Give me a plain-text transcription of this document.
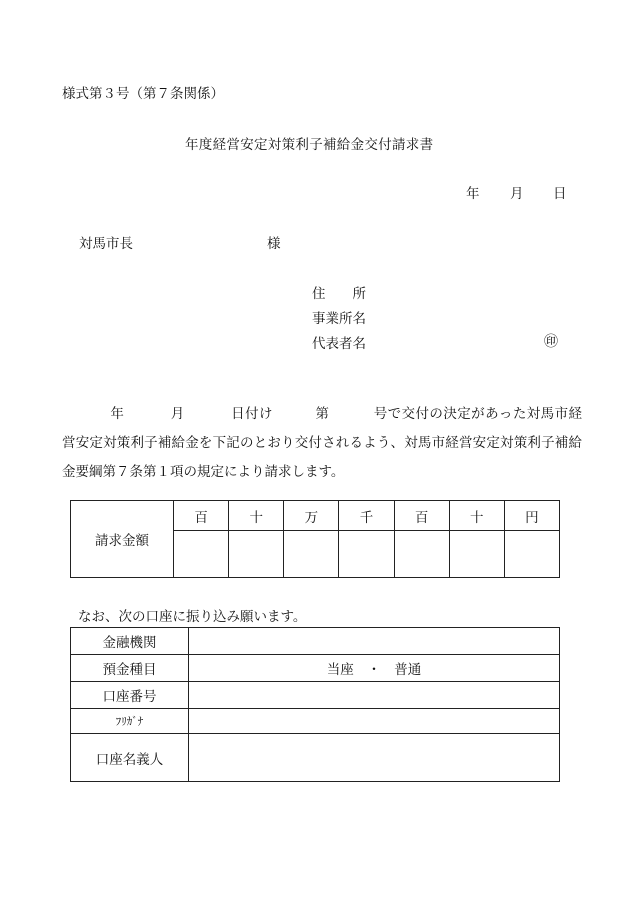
様式第３号（第７条関係）
年度経営安定対策利子補給金交付請求書
年 月 日
対馬市長	様
住　　所
事業所名
代表者名	㊞
年	月	日付け	第	号で交付の決定があった対馬市経営安定対策利子補給金を下記のとおり交付されるよう、対馬市経営安定対策利子補給金要綱第７条第１項の規定により請求します。
請求金額	百	十	万	千	百	十	円

なお、次の口座に振り込み願います。
金融機関	
預金種目	当座　・　普通
口座番号	
ﾌﾘｶﾞﾅ	
口座名義人	
